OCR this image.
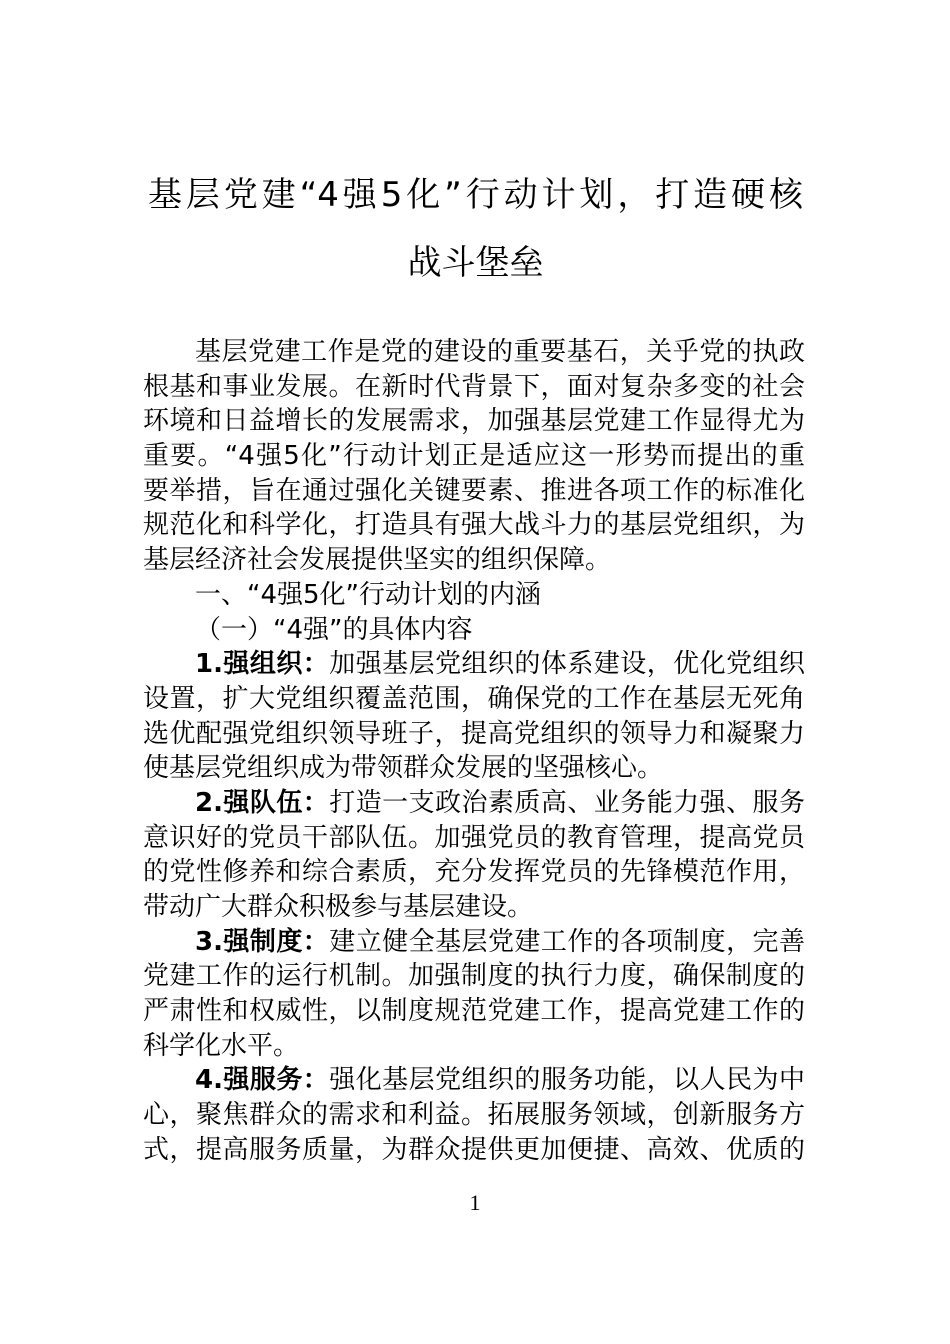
基层党建“4强5化”行动计划，打造硬核
战斗堡垒
基层党建工作是党的建设的重要基石，关乎党的执政
根基和事业发展。在新时代背景下，面对复杂多变的社会
环境和日益增长的发展需求，加强基层党建工作显得尤为
重要。“4强5化”行动计划正是适应这一形势而提出的重
要举措，旨在通过强化关键要素、推进各项工作的标准化
规范化和科学化，打造具有强大战斗力的基层党组织，为
基层经济社会发展提供坚实的组织保障。
一、“4强5化”行动计划的内涵
（一）“4强”的具体内容
1.强组织：加强基层党组织的体系建设，优化党组织
设置，扩大党组织覆盖范围，确保党的工作在基层无死角
选优配强党组织领导班子，提高党组织的领导力和凝聚力
使基层党组织成为带领群众发展的坚强核心。
2.强队伍：打造一支政治素质高、业务能力强、服务
意识好的党员干部队伍。加强党员的教育管理，提高党员
的党性修养和综合素质，充分发挥党员的先锋模范作用，
带动广大群众积极参与基层建设。
3.强制度：建立健全基层党建工作的各项制度，完善
党建工作的运行机制。加强制度的执行力度，确保制度的
严肃性和权威性，以制度规范党建工作，提高党建工作的
科学化水平。
4.强服务：强化基层党组织的服务功能，以人民为中
心，聚焦群众的需求和利益。拓展服务领域，创新服务方
式，提高服务质量，为群众提供更加便捷、高效、优质的
1
